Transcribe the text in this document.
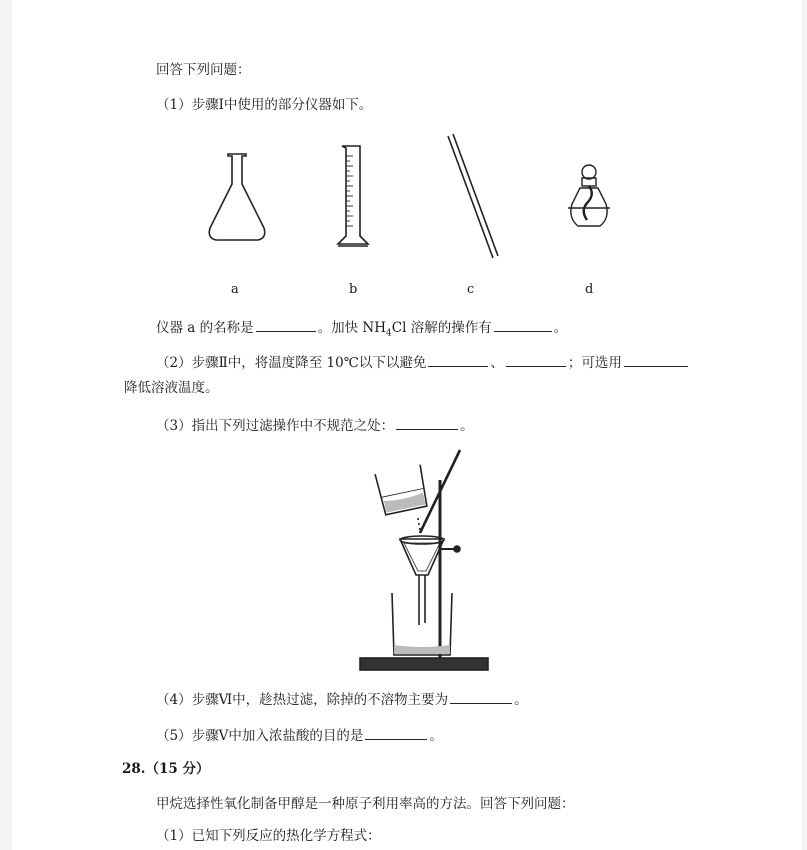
回答下列问题：
（1）步骤Ⅰ中使用的部分仪器如下。
a	b	c	d
仪器 a 的名称是	。加快 $NH_4Cl$ 溶解的操作有	。
（2）步骤Ⅱ中，将温度降至 10℃以下以避免	、	；可选用
降低溶液温度。
（3）指出下列过滤操作中不规范之处：	。
（4）步骤Ⅵ中，趁热过滤，除掉的不溶物主要为	。
（5）步骤Ⅴ中加入浓盐酸的目的是	。
28.（15 分）
甲烷选择性氧化制备甲醇是一种原子利用率高的方法。回答下列问题：
（1）已知下列反应的热化学方程式：
